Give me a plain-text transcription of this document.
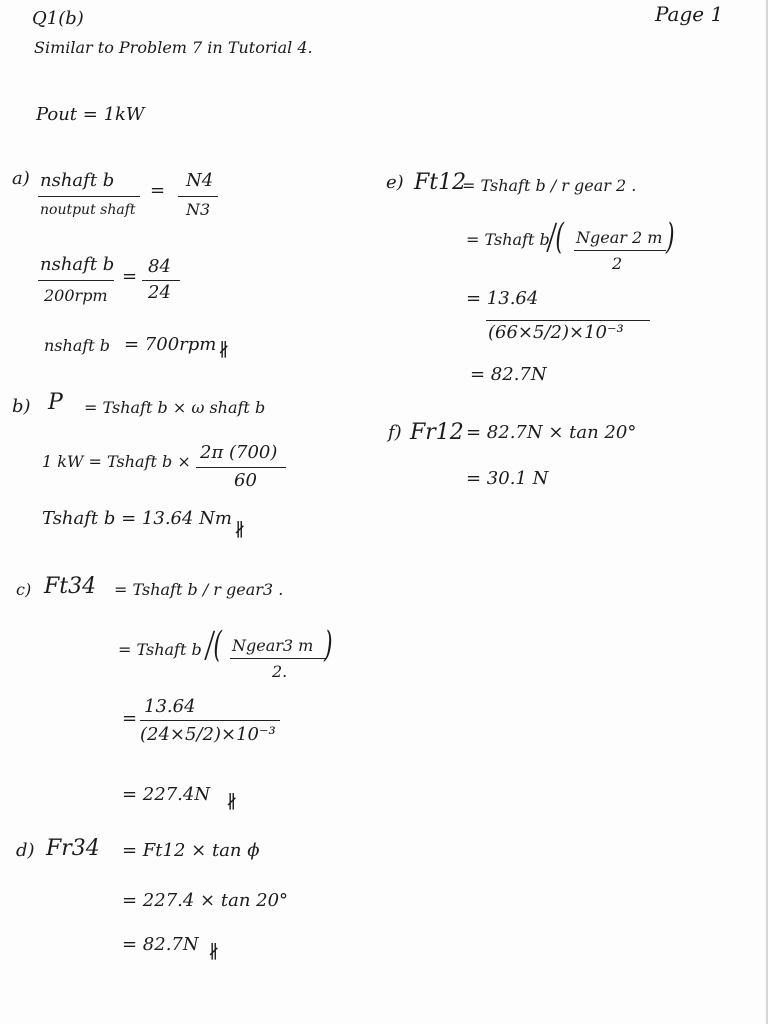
Q1(b)	Page 1
Similar to Problem 7 in Tutorial 4.
Pout = 1kW
a) nshaft b
noutput shaft
= N4
N3
nshaft b
200rpm
= 84
24
nshaft b = 700rpm ∦
b) P = Tshaft b × ω shaft b
1 kW = Tshaft b × 2π (700)
60
Tshaft b = 13.64 Nm
∦
c) Ft34 = Tshaft b / r gear3 .
= Tshaft b /( Ngear3 m
2.
)
=
13.64
(24×5/2)×10⁻³
= 227.4N ∦
d) Fr34 = Ft12 × tan ϕ
= 227.4 × tan 20°
= 82.7N ∦
e) Ft12
= Tshaft b / r gear 2 .
= Tshaft b
/( Ngear 2 m
2
)
= 13.64
(66×5/2)×10⁻³
= 82.7N
f) Fr12 = 82.7N × tan 20°
= 30.1 N
